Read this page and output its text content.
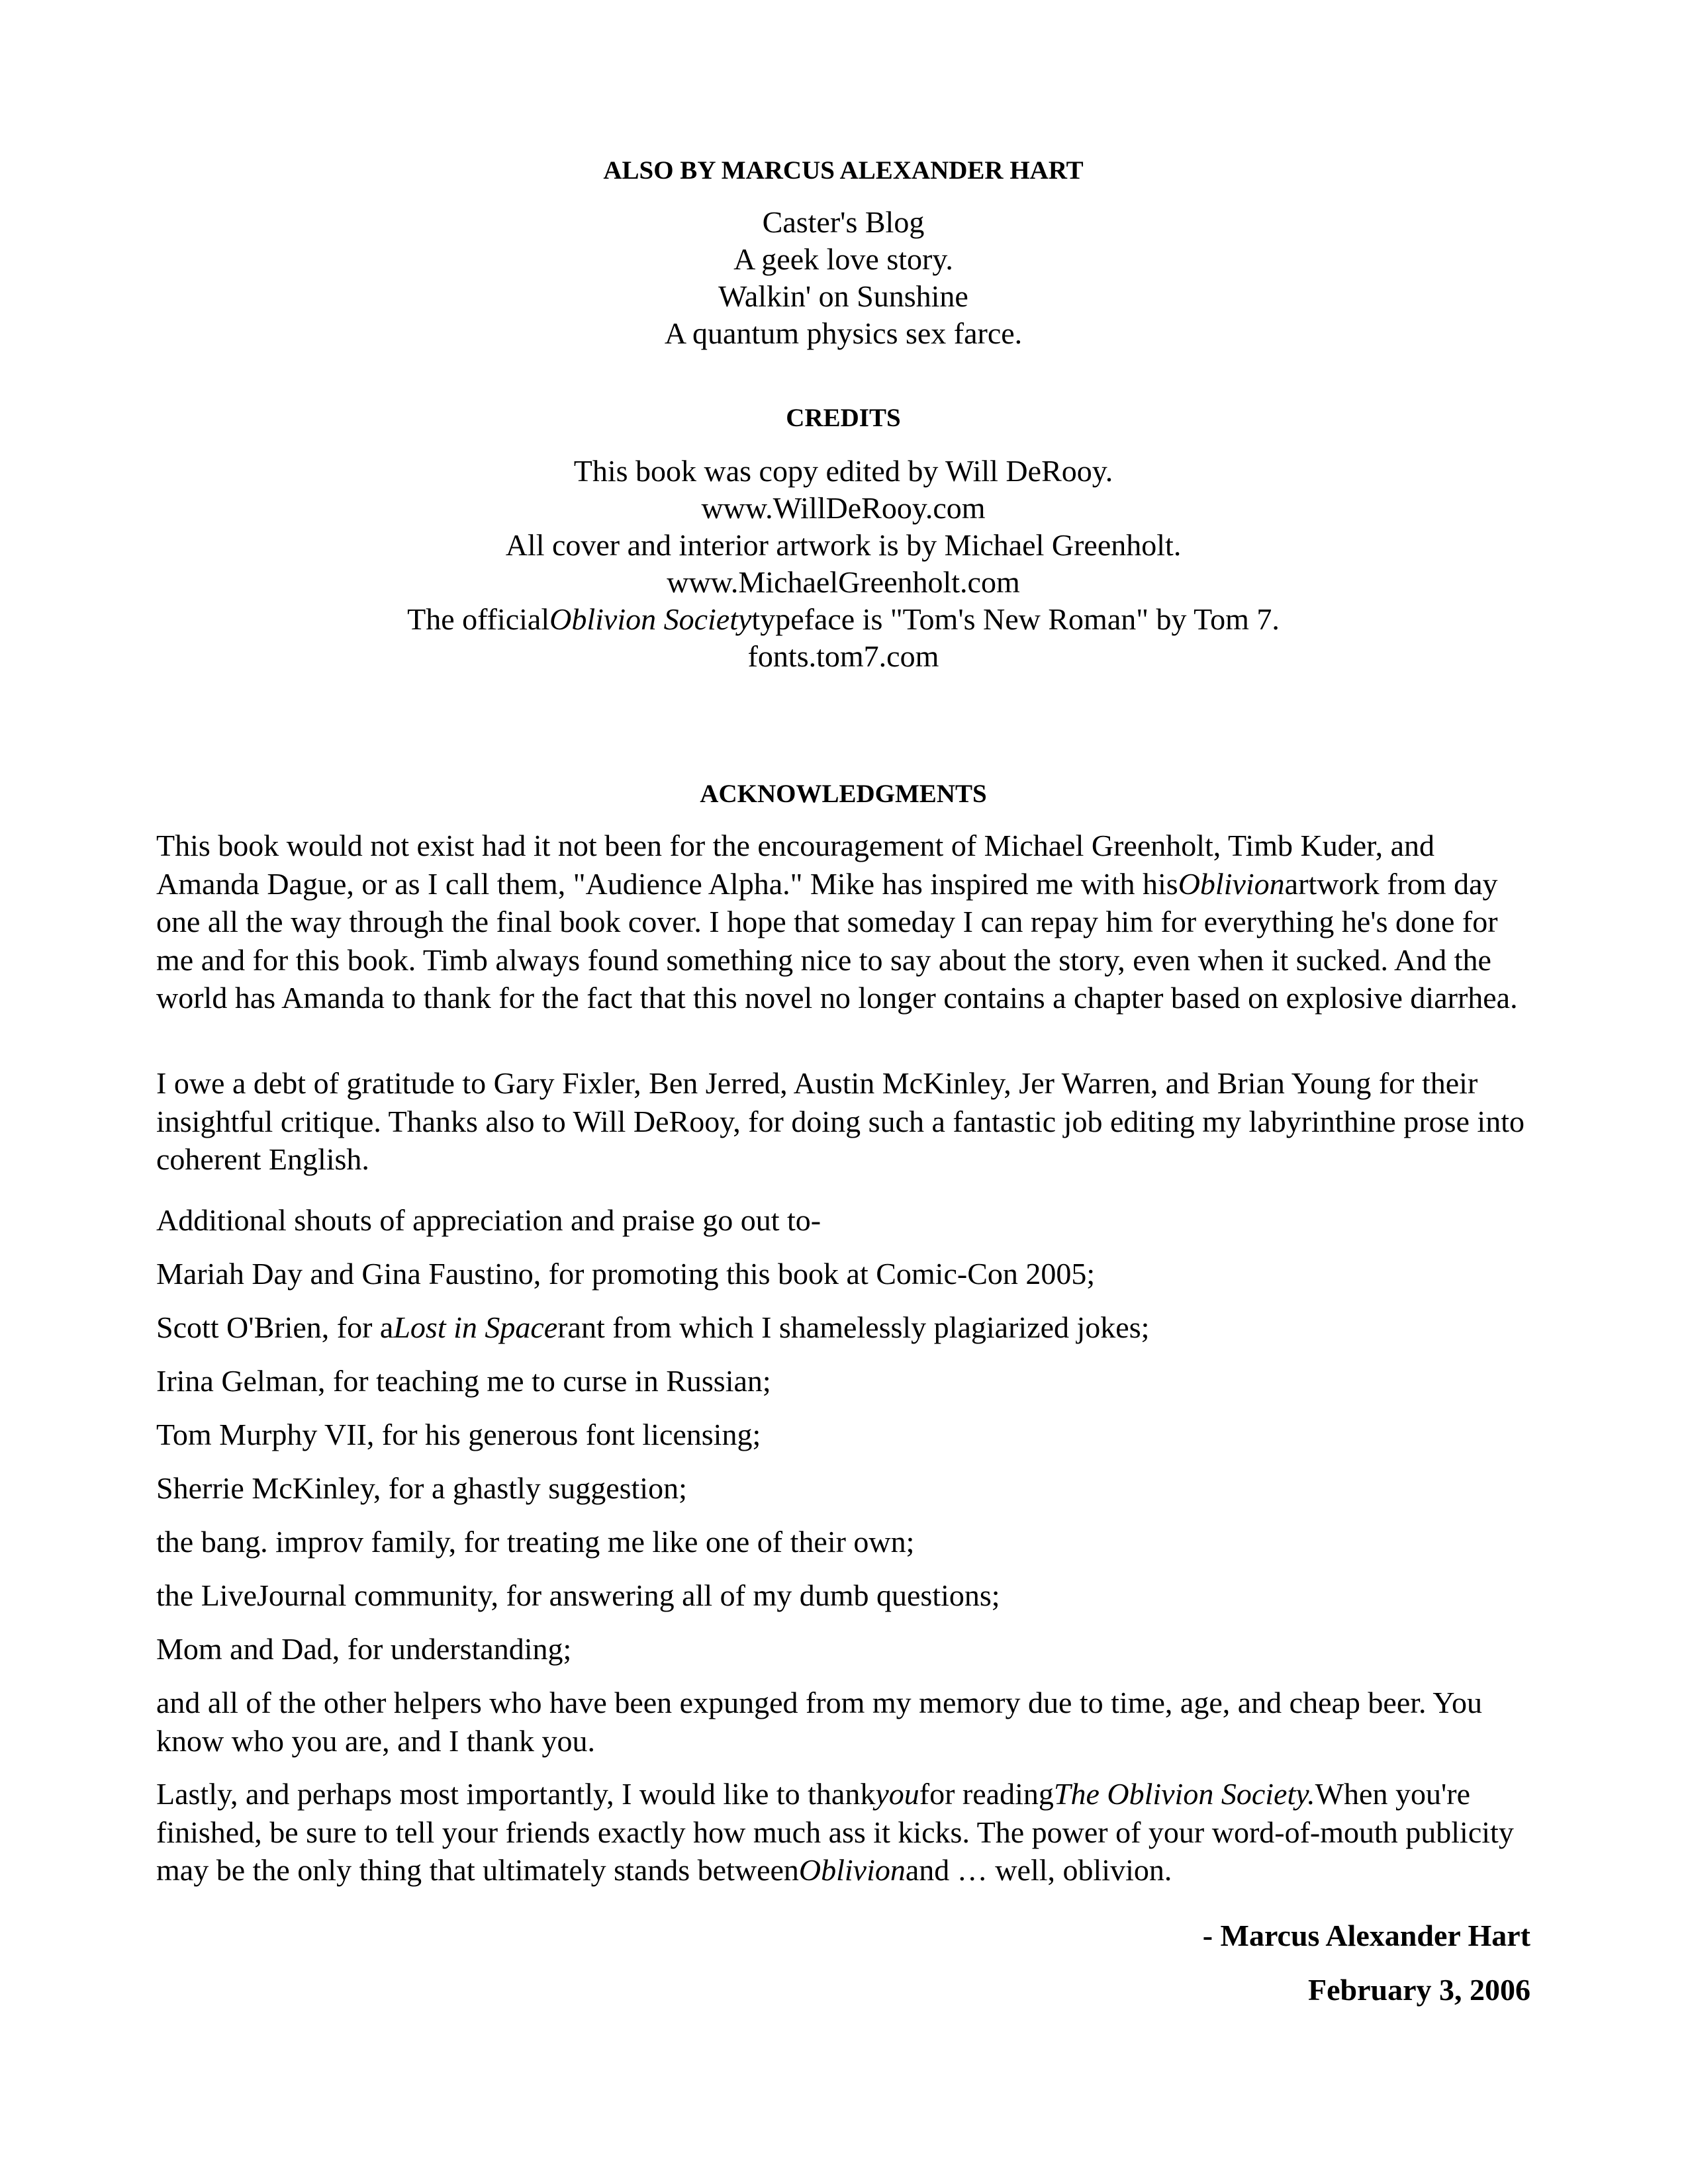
ALSO BY MARCUS ALEXANDER HART
Caster's Blog
A geek love story.
Walkin' on Sunshine
A quantum physics sex farce.
CREDITS
This book was copy edited by Will DeRooy.
www.WillDeRooy.com
All cover and interior artwork is by Michael Greenholt.
www.MichaelGreenholt.com
The officialOblivion Societytypeface is "Tom's New Roman" by Tom 7.
fonts.tom7.com
ACKNOWLEDGMENTS

This book would not exist had it not been for the encouragement of Michael Greenholt, Timb Kuder, and Amanda Dague, or as I call them, "Audience Alpha." Mike has inspired me with hisOblivionartwork from day one all the way through the final book cover. I hope that someday I can repay him for everything he's done for me and for this book. Timb always found something nice to say about the story, even when it sucked. And the world has Amanda to thank for the fact that this novel no longer contains a chapter based on explosive diarrhea.

I owe a debt of gratitude to Gary Fixler, Ben Jerred, Austin McKinley, Jer Warren, and Brian Young for their insightful critique. Thanks also to Will DeRooy, for doing such a fantastic job editing my labyrinthine prose into coherent English.

Additional shouts of appreciation and praise go out to-

Mariah Day and Gina Faustino, for promoting this book at Comic-Con 2005;

Scott O'Brien, for aLost in Spacerant from which I shamelessly plagiarized jokes;

Irina Gelman, for teaching me to curse in Russian;

Tom Murphy VII, for his generous font licensing;

Sherrie McKinley, for a ghastly suggestion;

the bang. improv family, for treating me like one of their own;

the LiveJournal community, for answering all of my dumb questions;

Mom and Dad, for understanding;

and all of the other helpers who have been expunged from my memory due to time, age, and cheap beer. You know who you are, and I thank you.

Lastly, and perhaps most importantly, I would like to thankyoufor readingThe Oblivion Society.When you're finished, be sure to tell your friends exactly how much ass it kicks. The power of your word-of-mouth publicity may be the only thing that ultimately stands betweenOblivionand … well, oblivion.

- Marcus Alexander Hart
February 3, 2006
